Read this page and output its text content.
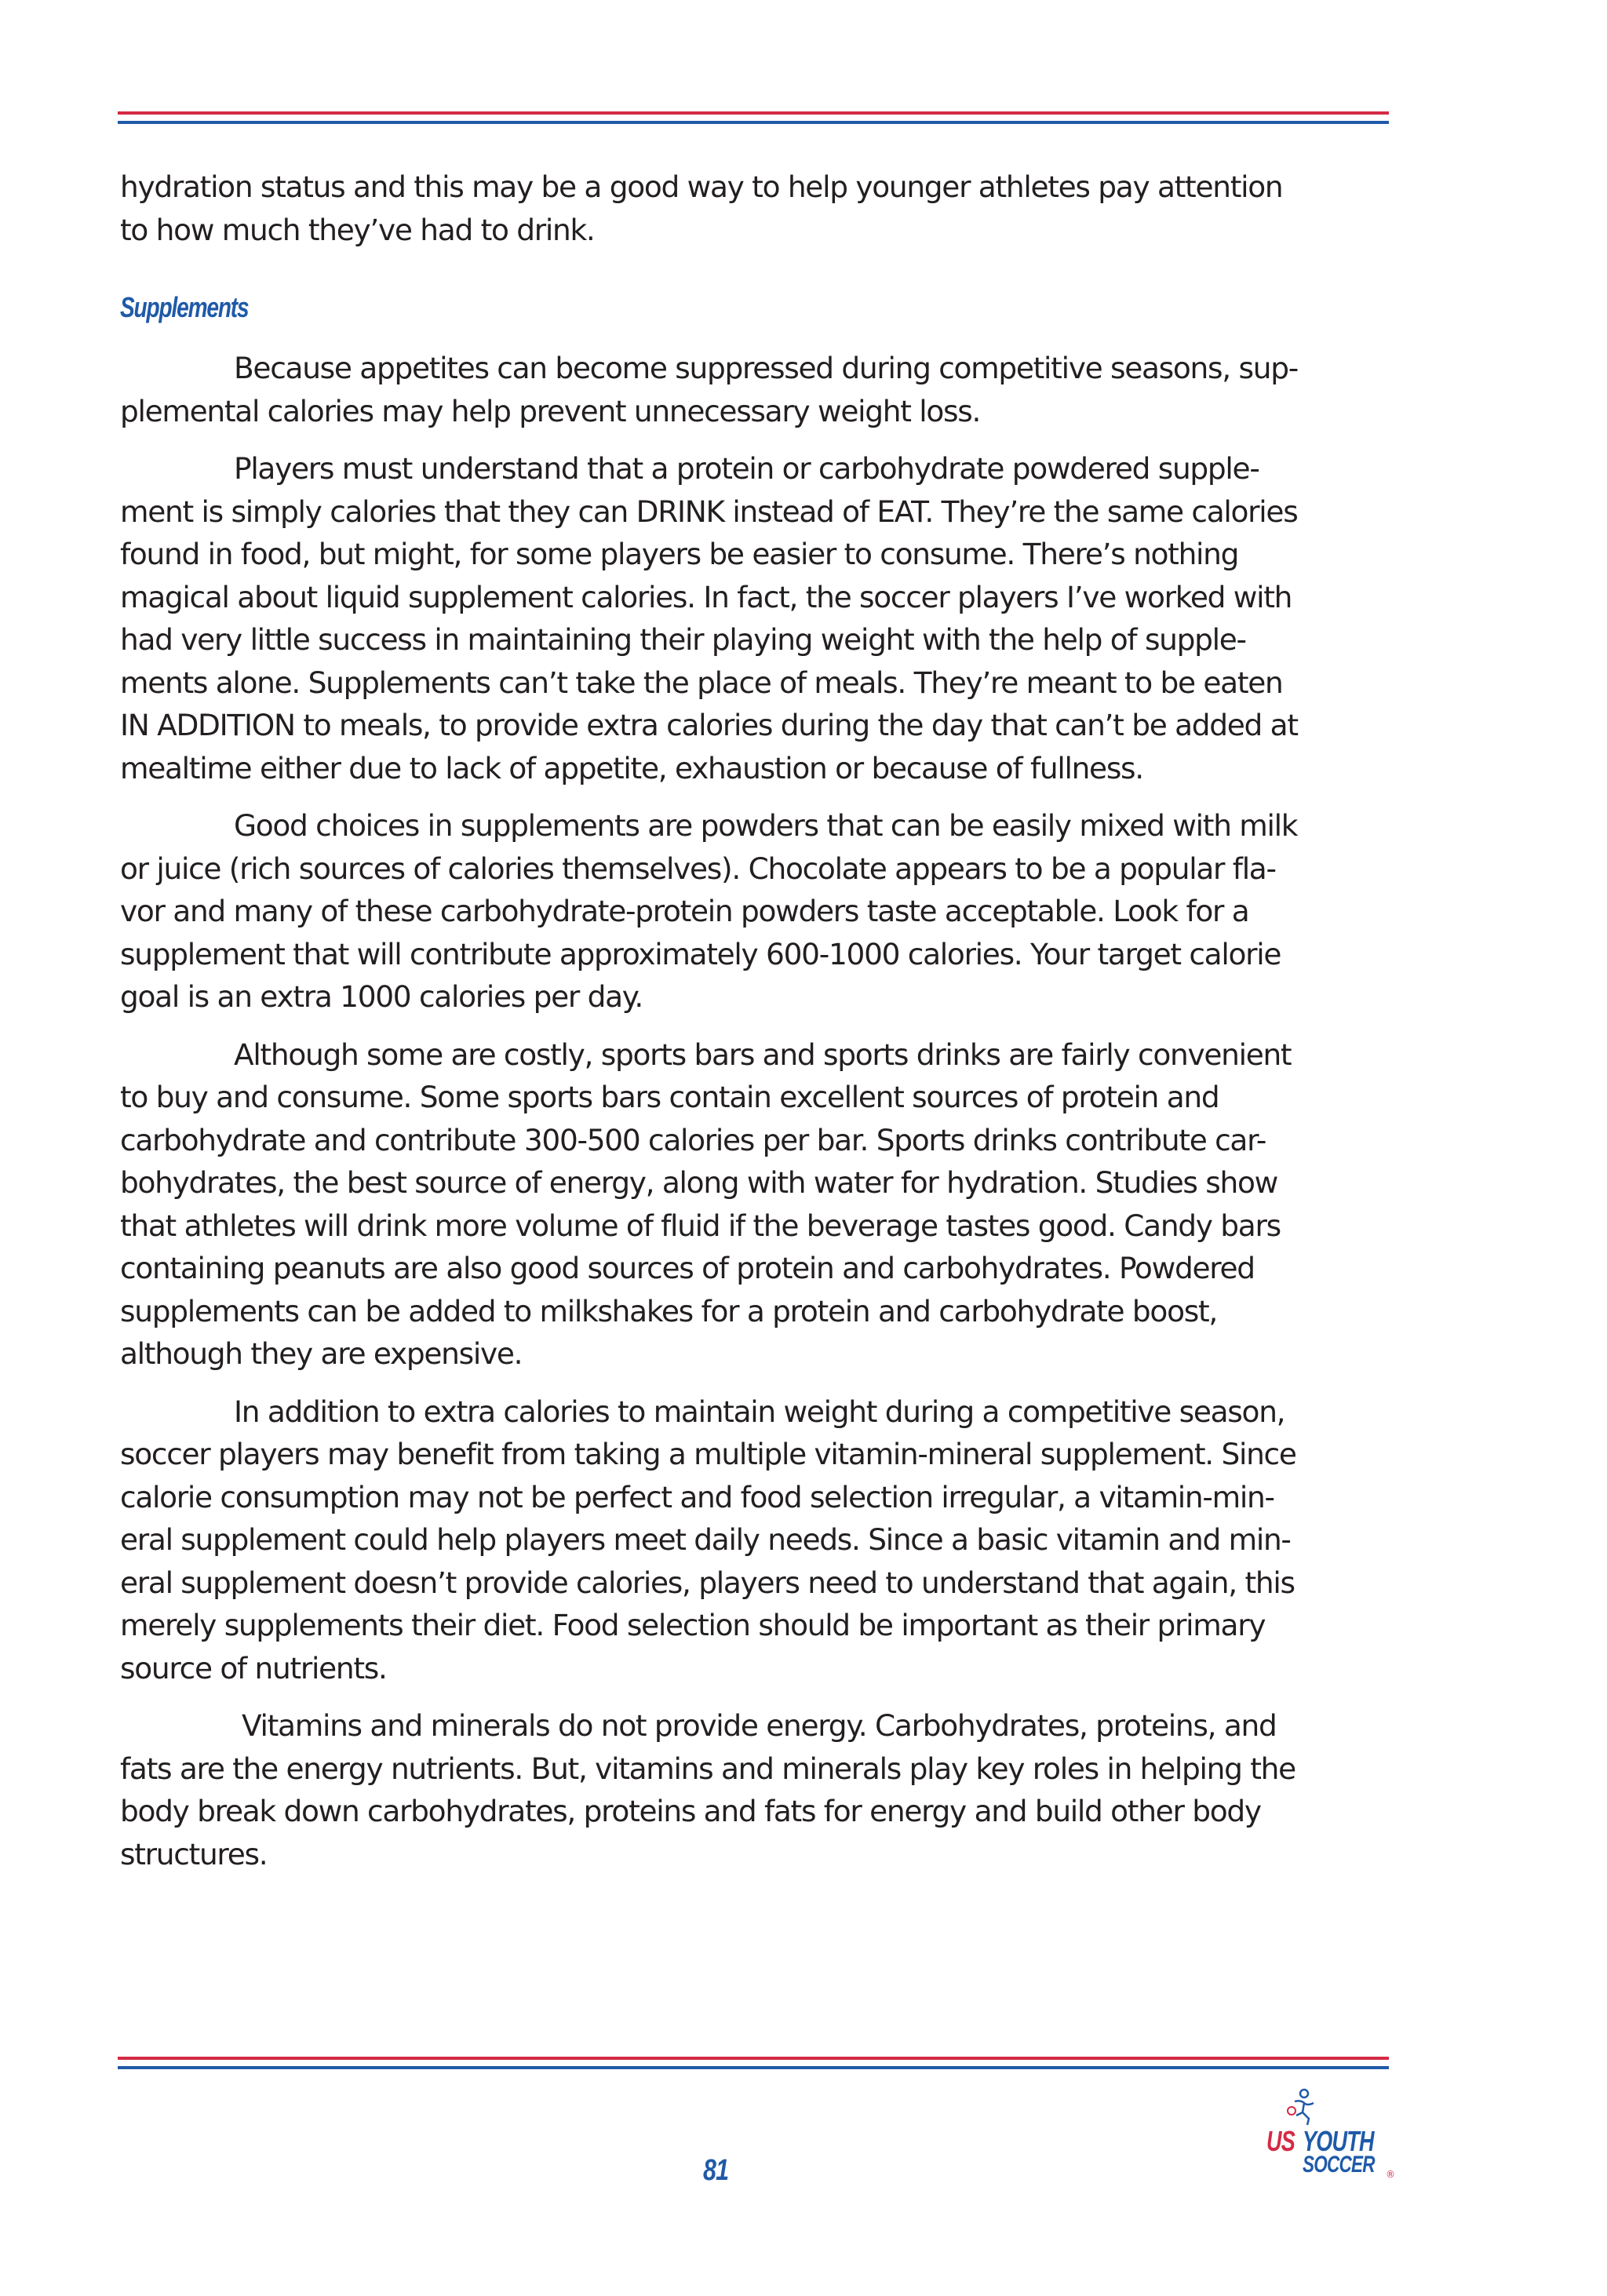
hydration status and this may be a good way to help younger athletes pay attention
to how much they’ve had to drink.

Supplements

Because appetites can become suppressed during competitive seasons, sup-
plemental calories may help prevent unnecessary weight loss.

Players must understand that a protein or carbohydrate powdered supple-
ment is simply calories that they can DRINK instead of EAT. They’re the same calories
found in food, but might, for some players be easier to consume. There’s nothing
magical about liquid supplement calories. In fact, the soccer players I’ve worked with
had very little success in maintaining their playing weight with the help of supple-
ments alone. Supplements can’t take the place of meals. They’re meant to be eaten
IN ADDITION to meals, to provide extra calories during the day that can’t be added at
mealtime either due to lack of appetite, exhaustion or because of fullness.

Good choices in supplements are powders that can be easily mixed with milk
or juice (rich sources of calories themselves). Chocolate appears to be a popular fla-
vor and many of these carbohydrate-protein powders taste acceptable. Look for a
supplement that will contribute approximately 600-1000 calories. Your target calorie
goal is an extra 1000 calories per day.

Although some are costly, sports bars and sports drinks are fairly convenient
to buy and consume. Some sports bars contain excellent sources of protein and
carbohydrate and contribute 300-500 calories per bar. Sports drinks contribute car-
bohydrates, the best source of energy, along with water for hydration. Studies show
that athletes will drink more volume of fluid if the beverage tastes good. Candy bars
containing peanuts are also good sources of protein and carbohydrates. Powdered
supplements can be added to milkshakes for a protein and carbohydrate boost,
although they are expensive.

In addition to extra calories to maintain weight during a competitive season,
soccer players may benefit from taking a multiple vitamin-mineral supplement. Since
calorie consumption may not be perfect and food selection irregular, a vitamin-min-
eral supplement could help players meet daily needs. Since a basic vitamin and min-
eral supplement doesn’t provide calories, players need to understand that again, this
merely supplements their diet. Food selection should be important as their primary
source of nutrients.

Vitamins and minerals do not provide energy. Carbohydrates, proteins, and
fats are the energy nutrients. But, vitamins and minerals play key roles in helping the
body break down carbohydrates, proteins and fats for energy and build other body
structures.

81
US YOUTH
SOCCER ®
